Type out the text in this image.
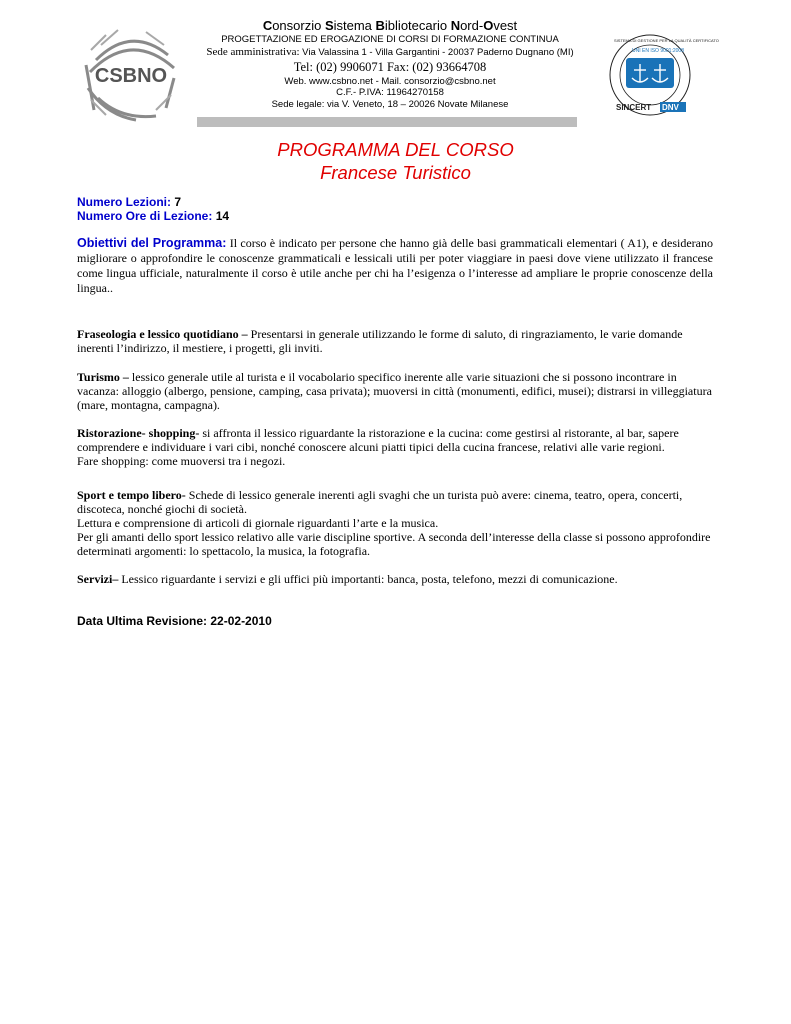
CSBNO
Consorzio Sistema Bibliotecario Nord-Ovest
PROGETTAZIONE ED EROGAZIONE DI CORSI DI FORMAZIONE CONTINUA
Sede amministrativa: Via Valassina 1 - Villa Gargantini - 20037 Paderno Dugnano (MI)
Tel: (02) 9906071 Fax: (02) 93664708
Web. www.csbno.net - Mail. consorzio@csbno.net
C.F.- P.IVA: 11964270158
Sede legale: via V. Veneto, 18 – 20026 Novate Milanese	SINCERT DNV
UNI EN ISO 9001:2008
SISTEMA DI GESTIONE PER LA QUALITÀ CERTIFICATO
PROGRAMMA DEL CORSO
Francese Turistico
Numero Lezioni: 7
Numero Ore di Lezione: 14
Obiettivi del Programma: Il corso è indicato per persone che hanno già delle basi grammaticali elementari ( A1), e desiderano migliorare o approfondire le conoscenze grammaticali e lessicali utili per poter viaggiare in paesi dove viene utilizzato il francese come lingua ufficiale, naturalmente il corso è utile anche per chi ha l’esigenza o l’interesse ad ampliare le proprie conoscenze della lingua..
Fraseologia e lessico quotidiano – Presentarsi in generale utilizzando le forme di saluto, di ringraziamento, le varie domande inerenti l’indirizzo, il mestiere, i progetti, gli inviti.
Turismo – lessico generale utile al turista e il vocabolario specifico inerente alle varie situazioni che si possono incontrare in vacanza: alloggio (albergo, pensione, camping, casa privata); muoversi in città (monumenti, edifici, musei); distrarsi in villeggiatura (mare, montagna, campagna).
Ristorazione- shopping- si affronta il lessico riguardante la ristorazione e la cucina: come gestirsi al ristorante, al bar, sapere comprendere e individuare i vari cibi, nonché conoscere alcuni piatti tipici della cucina francese, relativi alle varie regioni.
Fare shopping: come muoversi tra i negozi.
Sport e tempo libero- Schede di lessico generale inerenti agli svaghi che un turista può avere: cinema, teatro, opera, concerti, discoteca, nonché giochi di società.
Lettura e comprensione di articoli di giornale riguardanti l’arte e la musica.
Per gli amanti dello sport lessico relativo alle varie discipline sportive. A seconda dell’interesse della classe si possono approfondire determinati argomenti: lo spettacolo, la musica, la fotografia.
Servizi– Lessico riguardante i servizi e gli uffici più importanti: banca, posta, telefono, mezzi di comunicazione.
Data Ultima Revisione: 22-02-2010
